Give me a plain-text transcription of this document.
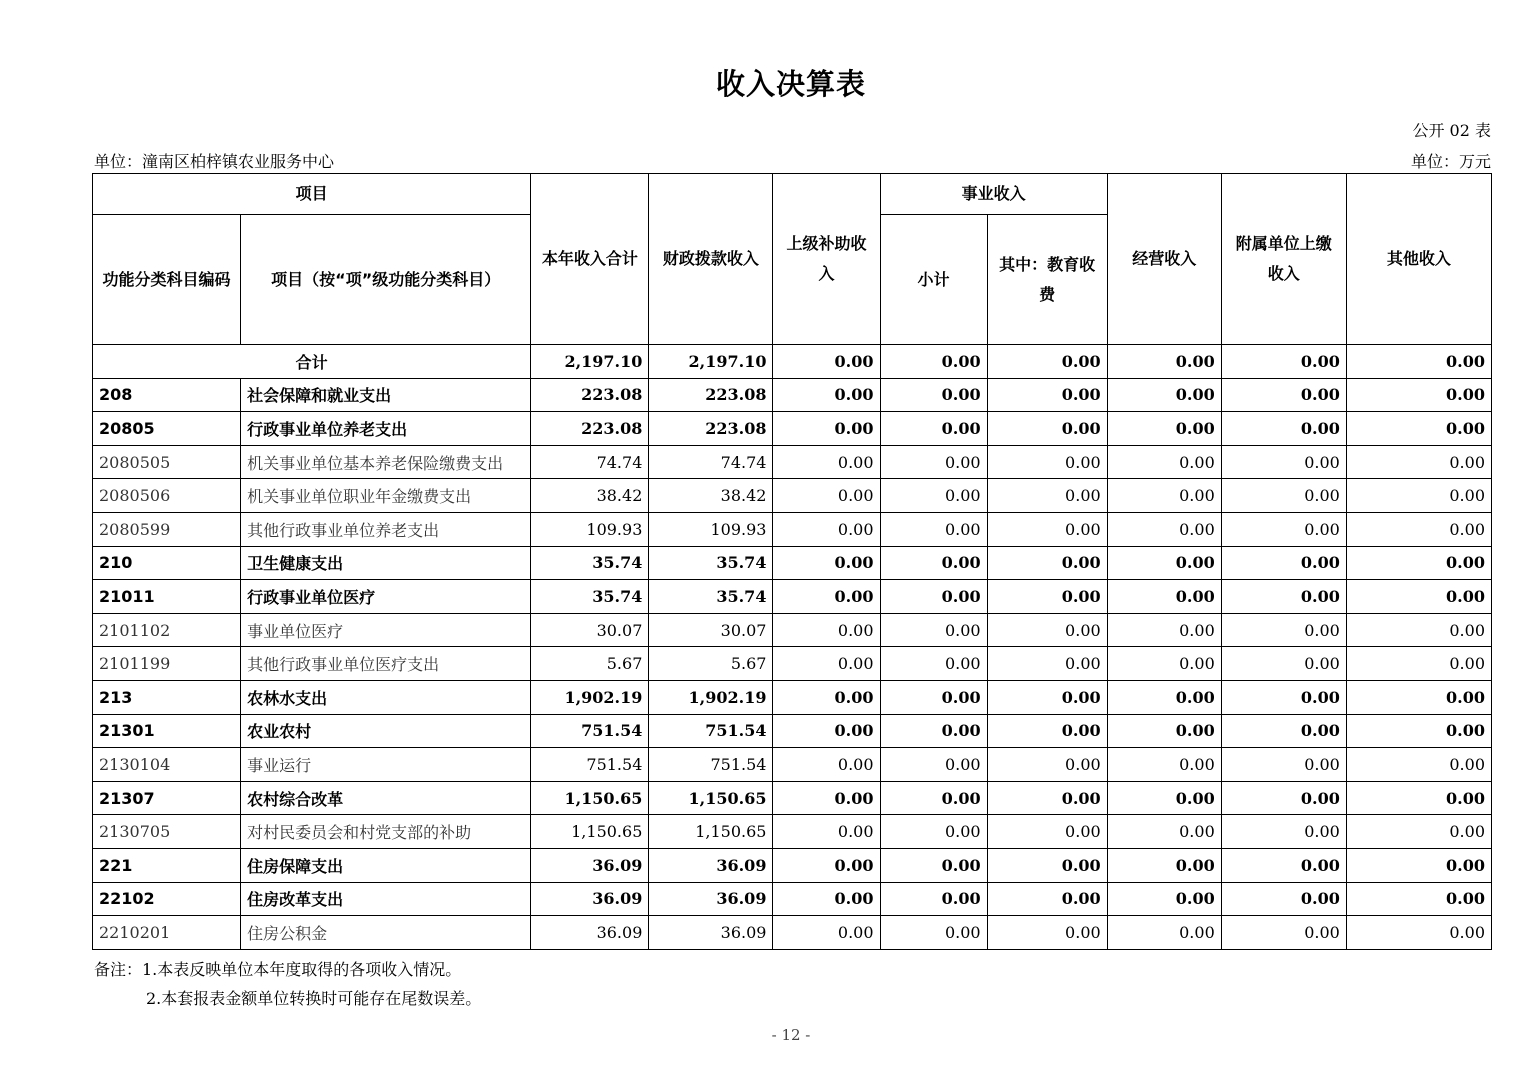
收入决算表
公开 02 表
单位：潼南区柏梓镇农业服务中心	单位：万元
项目		本年收入合计	财政拨款收入	上级补助收入	事业收入		经营收入	附属单位上缴收入	其他收入
功能分类科目编码	项目（按“项”级功能分类科目）				小计	其中：教育收费			
合计		2,197.10	2,197.10	0.00	0.00	0.00	0.00	0.00	0.00
208	社会保障和就业支出	223.08	223.08	0.00	0.00	0.00	0.00	0.00	0.00
20805	行政事业单位养老支出	223.08	223.08	0.00	0.00	0.00	0.00	0.00	0.00
2080505	机关事业单位基本养老保险缴费支出	74.74	74.74	0.00	0.00	0.00	0.00	0.00	0.00
2080506	机关事业单位职业年金缴费支出	38.42	38.42	0.00	0.00	0.00	0.00	0.00	0.00
2080599	其他行政事业单位养老支出	109.93	109.93	0.00	0.00	0.00	0.00	0.00	0.00
210	卫生健康支出	35.74	35.74	0.00	0.00	0.00	0.00	0.00	0.00
21011	行政事业单位医疗	35.74	35.74	0.00	0.00	0.00	0.00	0.00	0.00
2101102	事业单位医疗	30.07	30.07	0.00	0.00	0.00	0.00	0.00	0.00
2101199	其他行政事业单位医疗支出	5.67	5.67	0.00	0.00	0.00	0.00	0.00	0.00
213	农林水支出	1,902.19	1,902.19	0.00	0.00	0.00	0.00	0.00	0.00
21301	农业农村	751.54	751.54	0.00	0.00	0.00	0.00	0.00	0.00
2130104	事业运行	751.54	751.54	0.00	0.00	0.00	0.00	0.00	0.00
21307	农村综合改革	1,150.65	1,150.65	0.00	0.00	0.00	0.00	0.00	0.00
2130705	对村民委员会和村党支部的补助	1,150.65	1,150.65	0.00	0.00	0.00	0.00	0.00	0.00
221	住房保障支出	36.09	36.09	0.00	0.00	0.00	0.00	0.00	0.00
22102	住房改革支出	36.09	36.09	0.00	0.00	0.00	0.00	0.00	0.00
2210201	住房公积金	36.09	36.09	0.00	0.00	0.00	0.00	0.00	0.00
备注：1.本表反映单位本年度取得的各项收入情况。
2.本套报表金额单位转换时可能存在尾数误差。
- 12 -
